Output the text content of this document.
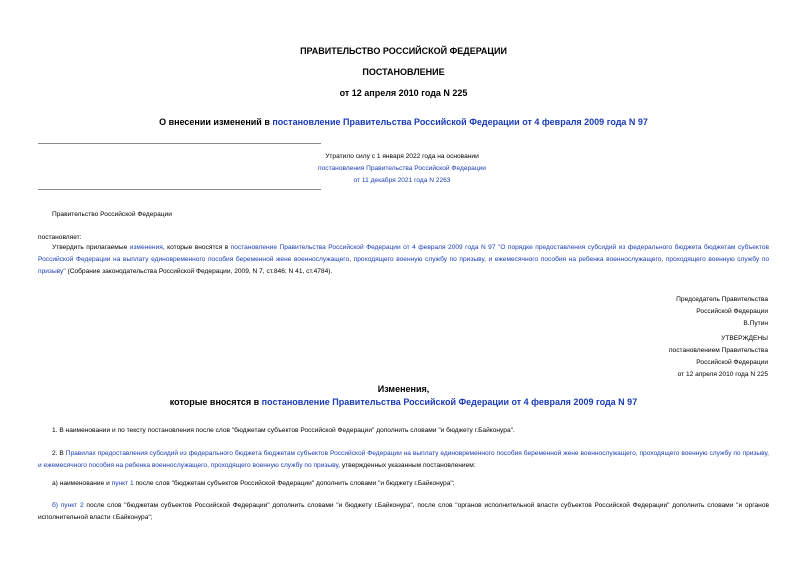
ПРАВИТЕЛЬСТВО РОССИЙСКОЙ ФЕДЕРАЦИИ
ПОСТАНОВЛЕНИЕ
от 12 апреля 2010 года N 225
О внесении изменений в постановление Правительства Российской Федерации от 4 февраля 2009 года N 97
Утратило силу с 1 января 2022 года на основании
постановления Правительства Российской Федерации
от 11 декабря 2021 года N 2263
Правительство Российской Федерации
постановляет:
Утвердить прилагаемые изменения, которые вносятся в постановление Правительства Российской Федерации от 4 февраля 2009 года N 97 "О порядке предоставления субсидий из федерального бюджета бюджетам субъектов Российской Федерации на выплату единовременного пособия беременной жене военнослужащего, проходящего военную службу по призыву, и ежемесячного пособия на ребенка военнослужащего, проходящего военную службу по призыву" (Собрание законодательства Российской Федерации, 2009, N 7, ст.846; N 41, ст.4784).
Председатель Правительства
Российской Федерации
В.Путин
УТВЕРЖДЕНЫ
постановлением Правительства
Российской Федерации
от 12 апреля 2010 года N 225
Изменения,
которые вносятся в постановление Правительства Российской Федерации от 4 февраля 2009 года N 97
1. В наименовании и по тексту постановления после слов "бюджетам субъектов Российской Федерации" дополнить словами "и бюджету г.Байконура".
2. В Правилах предоставления субсидий из федерального бюджета бюджетам субъектов Российской Федерации на выплату единовременного пособия беременной жене военнослужащего, проходящего военную службу по призыву, и ежемесячного пособия на ребенка военнослужащего, проходящего военную службу по призыву, утвержденных указанным постановлением:
а) наименование и пункт 1 после слов "бюджетам субъектов Российской Федерации" дополнить словами "и бюджету г.Байконура";
б) пункт 2 после слов "бюджетам субъектов Российской Федерации" дополнить словами "и бюджету г.Байконура", после слов "органов исполнительной власти субъектов Российской Федерации" дополнить словами "и органов исполнительной власти г.Байконура";
